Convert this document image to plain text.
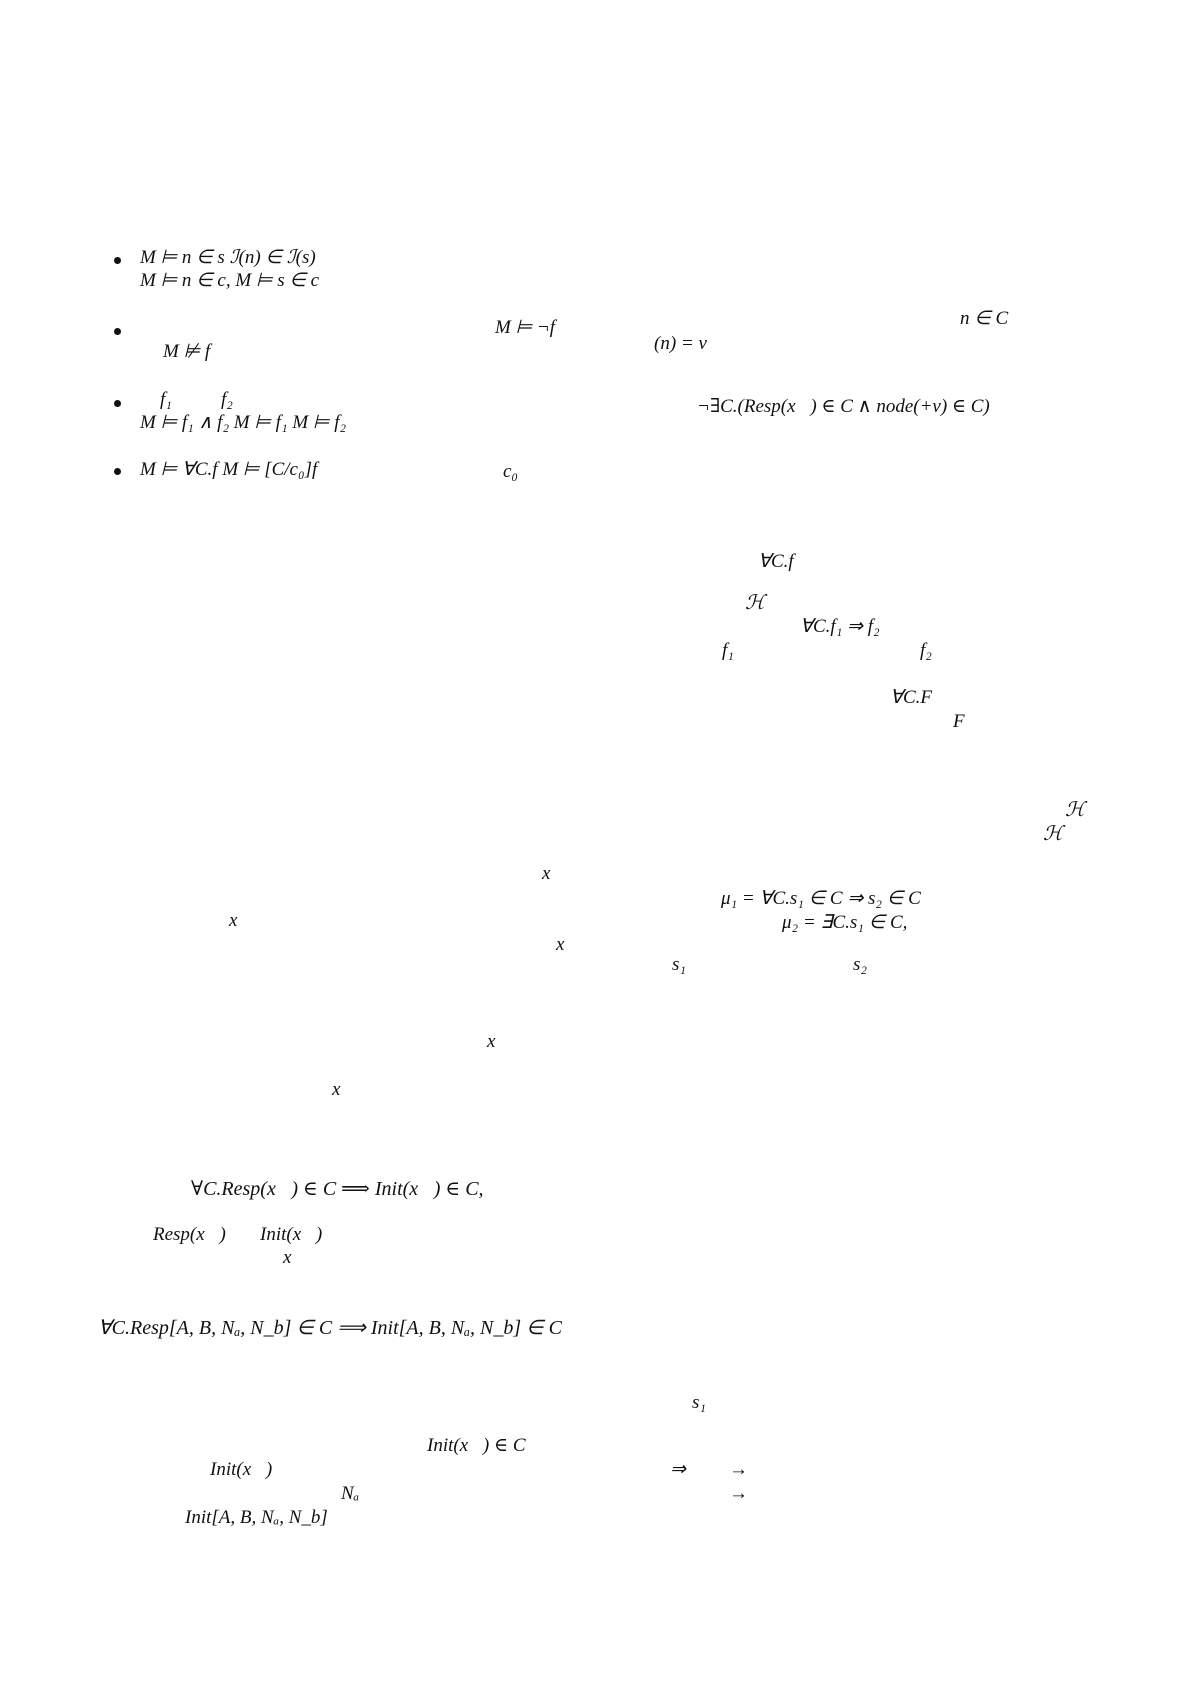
M ⊨ n ∈ s ℐ(n) ∈ ℐ(s)
M ⊨ n ∈ c, M ⊨ s ∈ c
M ⊨ ¬f
M ⊭ f
f₁	f₂
M ⊨ f₁ ∧ f₂ M ⊨ f₁ M ⊨ f₂
M ⊨ ∀C.f M ⊨ [C/c₀]f	c₀
n ∈ C
(n) = v
¬∃C.(Resp(x⃗) ∈ C ∧ node(+v) ∈ C)
∀C.f
ℋ
∀C.f₁ ⇒ f₂
f₁	f₂
∀C.F
F
ℋ
ℋ
x⃗
x⃗
x⃗
x⃗
x⃗
μ₁ = ∀C.s₁ ∈ C ⇒ s₂ ∈ C
μ₂ = ∃C.s₁ ∈ C,
s₁	s₂
∀C.Resp(x⃗) ∈ C ⟹ Init(x⃗) ∈ C,
Resp(x⃗) Init(x⃗)
x⃗
∀C.Resp[A, B, Nₐ, N_b] ∈ C ⟹ Init[A, B, Nₐ, N_b] ∈ C
s₁
Init(x⃗) ∈ C
Init(x⃗)	⇒ →
Nₐ	→
Init[A, B, Nₐ, N_b]
